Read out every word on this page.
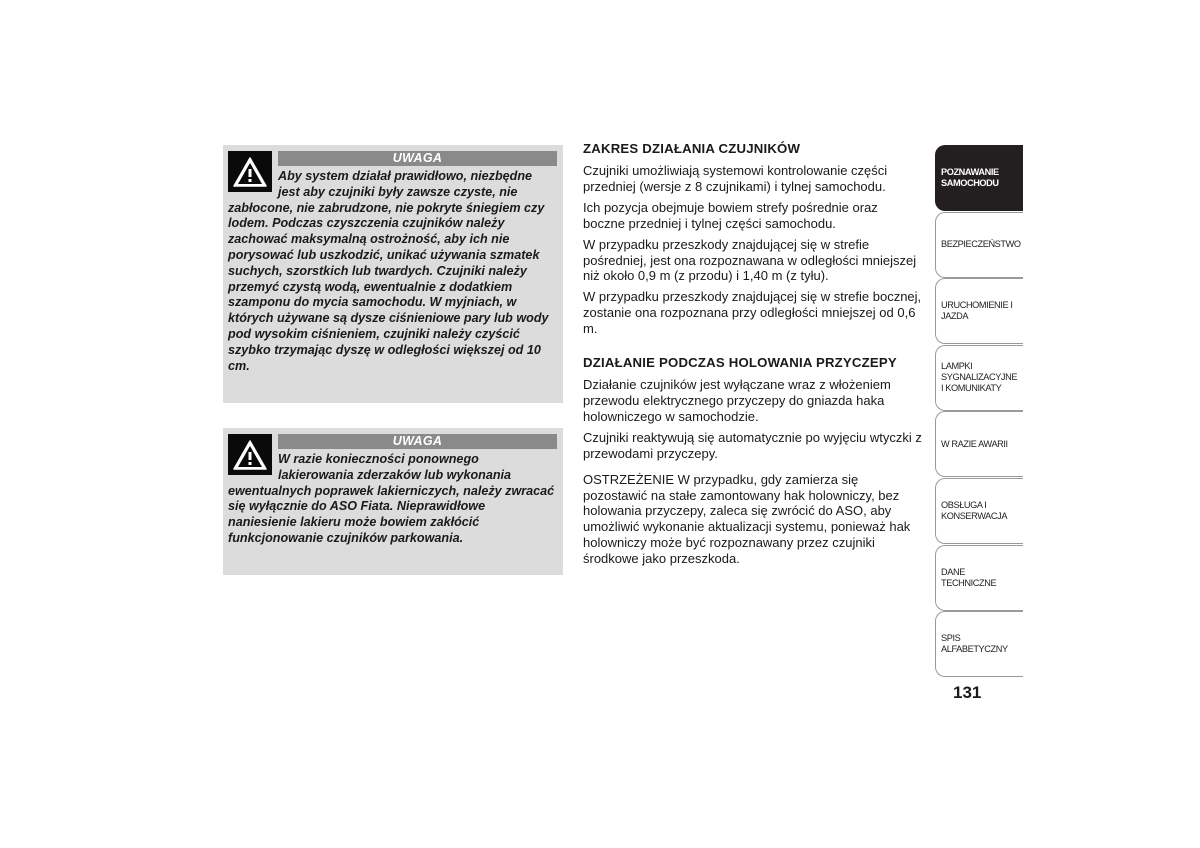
UWAGA

Aby system działał prawidłowo, niezbędne jest aby czujniki były zawsze czyste, nie zabłocone, nie zabrudzone, nie pokryte śniegiem czy lodem. Podczas czyszczenia czujników należy zachować maksymalną ostrożność, aby ich nie porysować lub uszkodzić, unikać używania szmatek suchych, szorstkich lub twardych. Czujniki należy przemyć czystą wodą, ewentualnie z dodatkiem szamponu do mycia samochodu. W myjniach, w których używane są dysze ciśnieniowe pary lub wody pod wysokim ciśnieniem, czujniki należy czyścić szybko trzymając dyszę w odległości większej od 10 cm.

UWAGA

W razie konieczności ponownego lakierowania zderzaków lub wykonania ewentualnych poprawek lakierniczych, należy zwracać się wyłącznie do ASO Fiata. Nieprawidłowe naniesienie lakieru może bowiem zakłócić funkcjonowanie czujników parkowania.

ZAKRES DZIAŁANIA CZUJNIKÓW

Czujniki umożliwiają systemowi kontrolowanie części przedniej (wersje z 8 czujnikami) i tylnej samochodu.

Ich pozycja obejmuje bowiem strefy pośrednie oraz boczne przedniej i tylnej części samochodu.

W przypadku przeszkody znajdującej się w strefie pośredniej, jest ona rozpoznawana w odległości mniejszej niż około 0,9 m (z przodu) i 1,40 m (z tyłu).

W przypadku przeszkody znajdującej się w strefie bocznej, zostanie ona rozpoznana przy odległości mniejszej od 0,6 m.

DZIAŁANIE PODCZAS HOLOWANIA PRZYCZEPY

Działanie czujników jest wyłączane wraz z włożeniem przewodu elektrycznego przyczepy do gniazda haka holowniczego w samochodzie.

Czujniki reaktywują się automatycznie po wyjęciu wtyczki z przewodami przyczepy.

OSTRZEŻENIE W przypadku, gdy zamierza się pozostawić na stałe zamontowany hak holowniczy, bez holowania przyczepy, zaleca się zwrócić do ASO, aby umożliwić wykonanie aktualizacji systemu, ponieważ hak holowniczy może być rozpoznawany przez czujniki środkowe jako przeszkoda.

POZNAWANIE SAMOCHODU
BEZPIECZEŃSTWO
URUCHOMIENIE I JAZDA
LAMPKI SYGNALIZACYJNE I KOMUNIKATY
W RAZIE AWARII
OBSŁUGA I KONSERWACJA
DANE TECHNICZNE
SPIS ALFABETYCZNY
131
